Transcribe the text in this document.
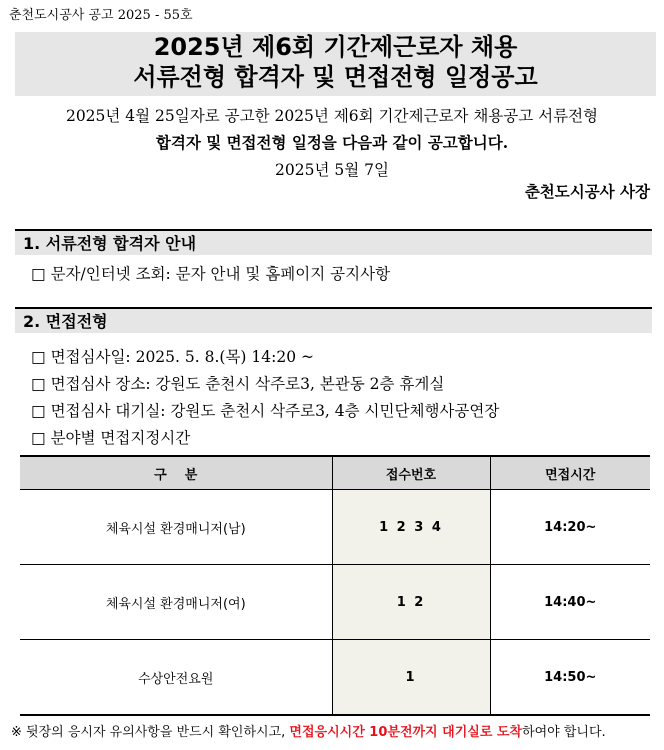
춘천도시공사 공고 2025 - 55호
2025년 제6회 기간제근로자 채용
서류전형 합격자 및 면접전형 일정공고
2025년 4월 25일자로 공고한 2025년 제6회 기간제근로자 채용공고 서류전형
합격자 및 면접전형 일정을 다음과 같이 공고합니다.
2025년 5월 7일
춘천도시공사 사장
1. 서류전형 합격자 안내
□ 문자/인터넷 조회: 문자 안내 및 홈페이지 공지사항
2. 면접전형
□ 면접심사일: 2025. 5. 8.(목) 14:20 ~
□ 면접심사 장소: 강원도 춘천시 삭주로3, 본관동 2층 휴게실
□ 면접심사 대기실: 강원도 춘천시 삭주로3, 4층 시민단체행사공연장
□ 분야별 면접지정시간
구    분	접수번호	면접시간
체육시설 환경매니저(남)	1 2 3 4	14:20~
체육시설 환경매니저(여)	1 2	14:40~
수상안전요원	1	14:50~
※ 뒷장의 응시자 유의사항을 반드시 확인하시고, 면접응시시간 10분전까지 대기실로 도착하여야 합니다.
